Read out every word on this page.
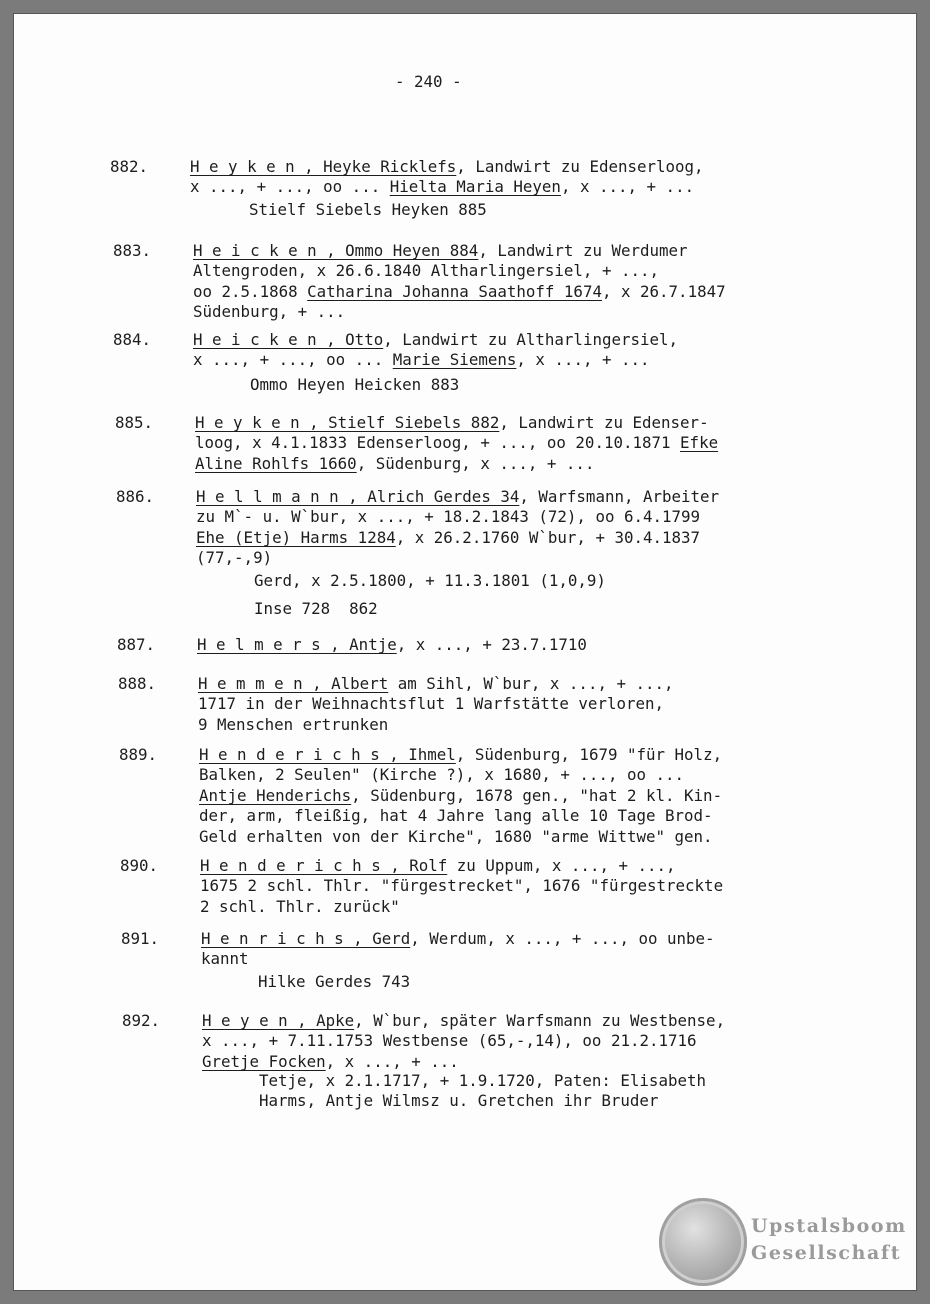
- 240 -
882.	H e y k e n , Heyke Ricklefs, Landwirt zu Edenserloog,
x ..., + ..., oo ... Hielta Maria Heyen, x ..., + ...
Stielf Siebels Heyken 885
883.	H e i c k e n , Ommo Heyen 884, Landwirt zu Werdumer
Altengroden, x 26.6.1840 Altharlingersiel, + ...,
oo 2.5.1868 Catharina Johanna Saathoff 1674, x 26.7.1847
Südenburg, + ...
884.	H e i c k e n , Otto, Landwirt zu Altharlingersiel,
x ..., + ..., oo ... Marie Siemens, x ..., + ...
Ommo Heyen Heicken 883
885.	H e y k e n , Stielf Siebels 882, Landwirt zu Edenser-
loog, x 4.1.1833 Edenserloog, + ..., oo 20.10.1871 Efke
Aline Rohlfs 1660, Südenburg, x ..., + ...
886.	H e l l m a n n , Alrich Gerdes 34, Warfsmann, Arbeiter
zu M`- u. W`bur, x ..., + 18.2.1843 (72), oo 6.4.1799
Ehe (Etje) Harms 1284, x 26.2.1760 W`bur, + 30.4.1837
(77,-,9)
Gerd, x 2.5.1800, + 11.3.1801 (1,0,9)
Inse 728  862
887.	H e l m e r s , Antje, x ..., + 23.7.1710
888.	H e m m e n , Albert am Sihl, W`bur, x ..., + ...,
1717 in der Weihnachtsflut 1 Warfstätte verloren,
9 Menschen ertrunken
889.	H e n d e r i c h s , Ihmel, Südenburg, 1679 "für Holz,
Balken, 2 Seulen" (Kirche ?), x 1680, + ..., oo ...
Antje Henderichs, Südenburg, 1678 gen., "hat 2 kl. Kin-
der, arm, fleißig, hat 4 Jahre lang alle 10 Tage Brod-
Geld erhalten von der Kirche", 1680 "arme Wittwe" gen.
890.	H e n d e r i c h s , Rolf zu Uppum, x ..., + ...,
1675 2 schl. Thlr. "fürgestrecket", 1676 "fürgestreckte
2 schl. Thlr. zurück"
891.	H e n r i c h s , Gerd, Werdum, x ..., + ..., oo unbe-
kannt
Hilke Gerdes 743
892.	H e y e n , Apke, W`bur, später Warfsmann zu Westbense,
x ..., + 7.11.1753 Westbense (65,-,14), oo 21.2.1716
Gretje Focken, x ..., + ...
Tetje, x 2.1.1717, + 1.9.1720, Paten: Elisabeth
Harms, Antje Wilmsz u. Gretchen ihr Bruder
Upstalsboom
Gesellschaft
